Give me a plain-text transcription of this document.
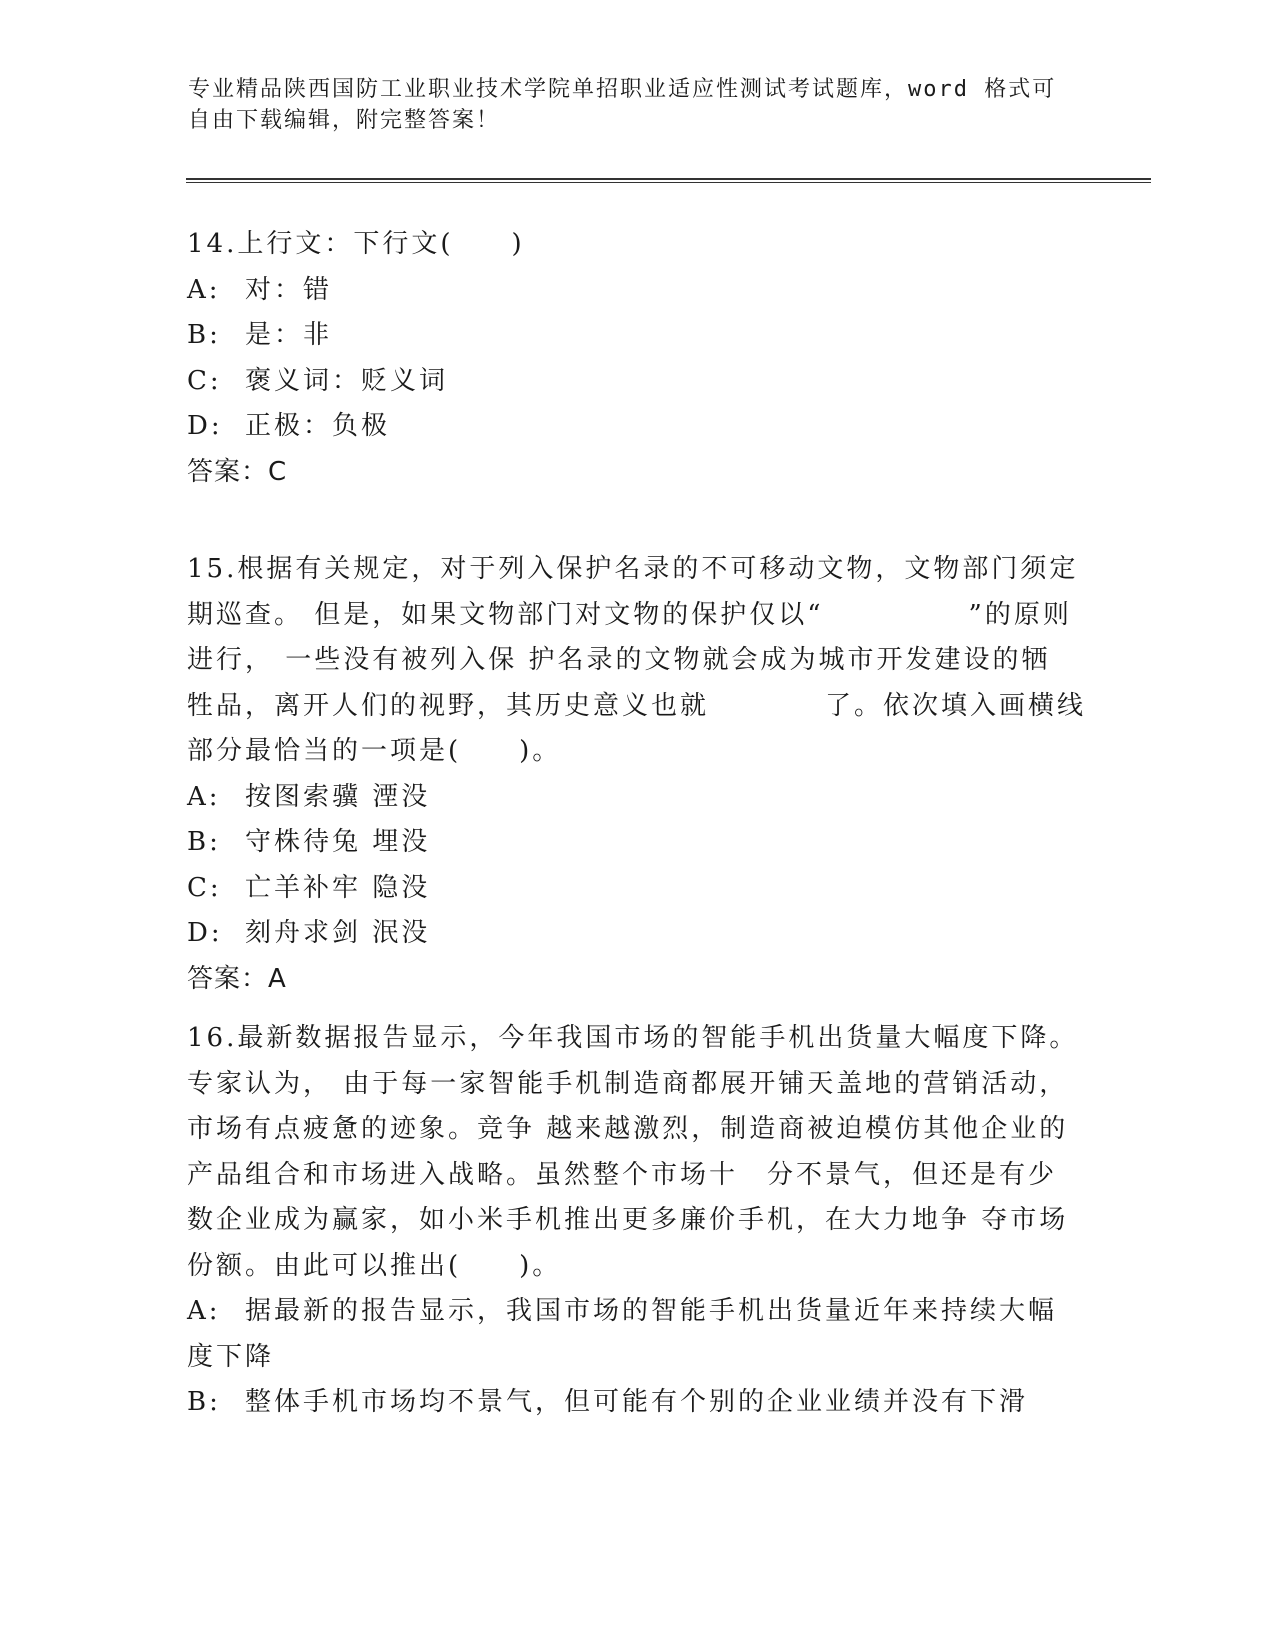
专业精品陕西国防工业职业技术学院单招职业适应性测试考试题库，word 格式可

自由下载编辑，附完整答案！

14.上行文：下行文(　　)
A: 对：错
B: 是：非
C: 褒义词：贬义词
D: 正极：负极
答案：C
15.根据有关规定，对于列入保护名录的不可移动文物，文物部门须定
期巡查。 但是，如果文物部门对文物的保护仅以“　　　　　”的原则
进行， 一些没有被列入保 护名录的文物就会成为城市开发建设的牺
牲品，离开人们的视野，其历史意义也就　　　　了。依次填入画横线
部分最恰当的一项是(　　)。
A: 按图索骥 湮没
B: 守株待兔 埋没
C: 亡羊补牢 隐没
D: 刻舟求剑 泯没
答案：A
16.最新数据报告显示，今年我国市场的智能手机出货量大幅度下降。
专家认为， 由于每一家智能手机制造商都展开铺天盖地的营销活动，
市场有点疲惫的迹象。竞争 越来越激烈，制造商被迫模仿其他企业的
产品组合和市场进入战略。虽然整个市场十　分不景气，但还是有少
数企业成为赢家，如小米手机推出更多廉价手机，在大力地争 夺市场
份额。由此可以推出(　　)。
A: 据最新的报告显示，我国市场的智能手机出货量近年来持续大幅
度下降
B: 整体手机市场均不景气，但可能有个别的企业业绩并没有下滑
